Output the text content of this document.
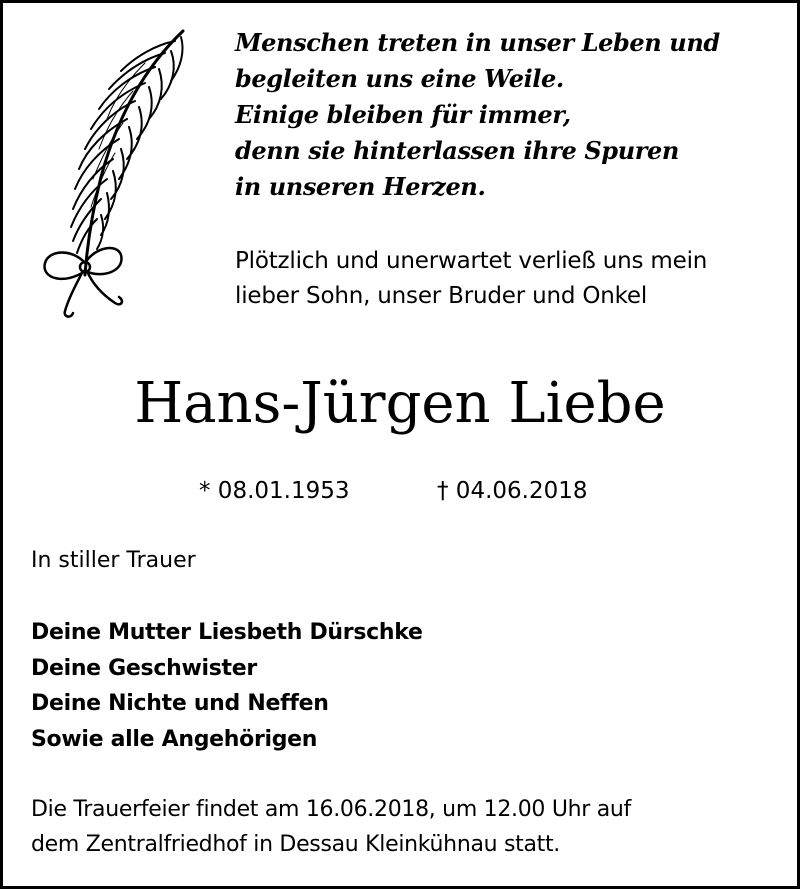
Menschen treten in unser Leben und
begleiten uns eine Weile.
Einige bleiben für immer,
denn sie hinterlassen ihre Spuren
in unseren Herzen.
Plötzlich und unerwartet verließ uns mein
lieber Sohn, unser Bruder und Onkel
Hans-Jürgen Liebe
* 08.01.1953	† 04.06.2018
In stiller Trauer
Deine Mutter Liesbeth Dürschke
Deine Geschwister
Deine Nichte und Neffen
Sowie alle Angehörigen
Die Trauerfeier findet am 16.06.2018, um 12.00 Uhr auf
dem Zentralfriedhof in Dessau Kleinkühnau statt.
